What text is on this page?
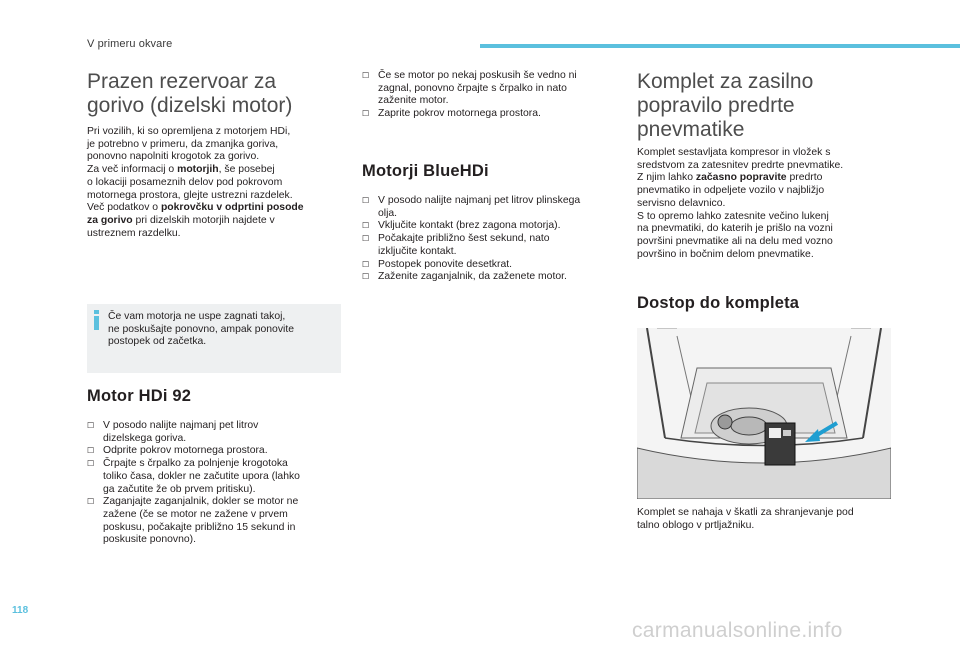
V primeru okvare
Prazen rezervoar za
gorivo (dizelski motor)

Pri vozilih, ki so opremljena z motorjem HDi,

je potrebno v primeru, da zmanjka goriva,

ponovno napolniti krogotok za gorivo.

Za več informacij o motorjih, še posebej

o lokaciji posameznih delov pod pokrovom

motornega prostora, glejte ustrezni razdelek.

Več podatkov o pokrovčku v odprtini posode

za gorivo pri dizelskih motorjih najdete v

ustreznem razdelku.

Če vam motorja ne uspe zagnati takoj,

ne poskušajte ponovno, ampak ponovite

postopek od začetka.

Motor HDi 92
☐ V posodo nalijte najmanj pet litrov
dizelskega goriva.
☐ Odprite pokrov motornega prostora.
☐ Črpajte s črpalko za polnjenje krogotoka
toliko časa, dokler ne začutite upora (lahko
ga začutite že ob prvem pritisku).
☐ Zaganjajte zaganjalnik, dokler se motor ne
zažene (če se motor ne zažene v prvem
poskusu, počakajte približno 15 sekund in
poskusite ponovno).
☐ Če se motor po nekaj poskusih še vedno ni
zagnal, ponovno črpajte s črpalko in nato
zaženite motor.
☐ Zaprite pokrov motornega prostora.
Motorji BlueHDi
☐ V posodo nalijte najmanj pet litrov plinskega
olja.
☐ Vključite kontakt (brez zagona motorja).
☐ Počakajte približno šest sekund, nato
izključite kontakt.
☐ Postopek ponovite desetkrat.
☐ Zaženite zaganjalnik, da zaženete motor.
Komplet za zasilno
popravilo predrte
pnevmatike

Komplet sestavljata kompresor in vložek s

sredstvom za zatesnitev predrte pnevmatike.

Z njim lahko začasno popravite predrto

pnevmatiko in odpeljete vozilo v najbližjo

servisno delavnico.

S to opremo lahko zatesnite večino lukenj

na pnevmatiki, do katerih je prišlo na vozni

površini pnevmatike ali na delu med vozno

površino in bočnim delom pnevmatike.

Dostop do kompleta

Komplet se nahaja v škatli za shranjevanje pod

talno oblogo v prtljažniku.

118
carmanualsonline.info
